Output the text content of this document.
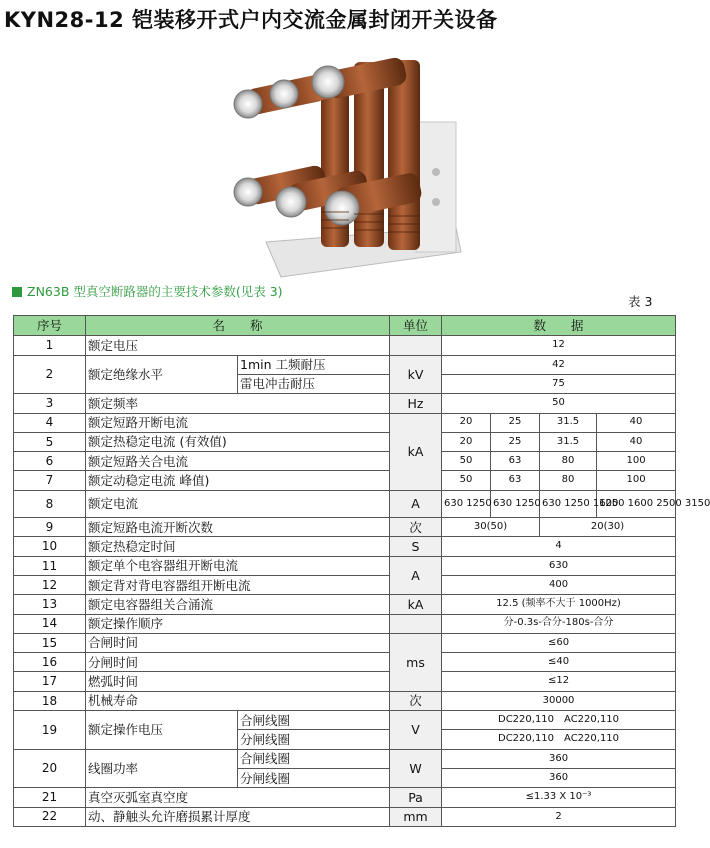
KYN28-12 铠装移开式户内交流金属封闭开关设备
ZN63B 型真空断路器的主要技术参数(见表 3)
表 3
序号	名　　称		单位	数　　据			
1	额定电压			12			
2	额定绝缘水平	1min 工频耐压	kV	42			
		雷电冲击耐压		75			
3	额定频率		Hz	50			
4	额定短路开断电流		kA	20	25	31.5	40
5	额定热稳定电流 (有效值)			20	25	31.5	40
6	额定短路关合电流			50	63	80	100
7	额定动稳定电流 峰值)			50	63	80	100
8	额定电流		A	630 1250	630 1250	630 1250 1600	1250 1600 2500 3150
9	额定短路电流开断次数		次	30(50)		20(30)	
10	额定热稳定时间		S	4			
11	额定单个电容器组开断电流		A	630			
12	额定背对背电容器组开断电流			400			
13	额定电容器组关合涌流		kA	12.5 (频率不大于 1000Hz)			
14	额定操作顺序			分-0.3s-合分-180s-合分			
15	合闸时间		ms	≤60			
16	分闸时间			≤40			
17	燃弧时间			≤12			
18	机械寿命		次	30000			
19	额定操作电压	合闸线圈	V	DC220,110　AC220,110			
		分闸线圈		DC220,110　AC220,110			
20	线圈功率	合闸线圈	W	360			
		分闸线圈		360			
21	真空灭弧室真空度		Pa	≤1.33 X 10⁻³			
22	动、静触头允许磨损累计厚度		mm	2			
